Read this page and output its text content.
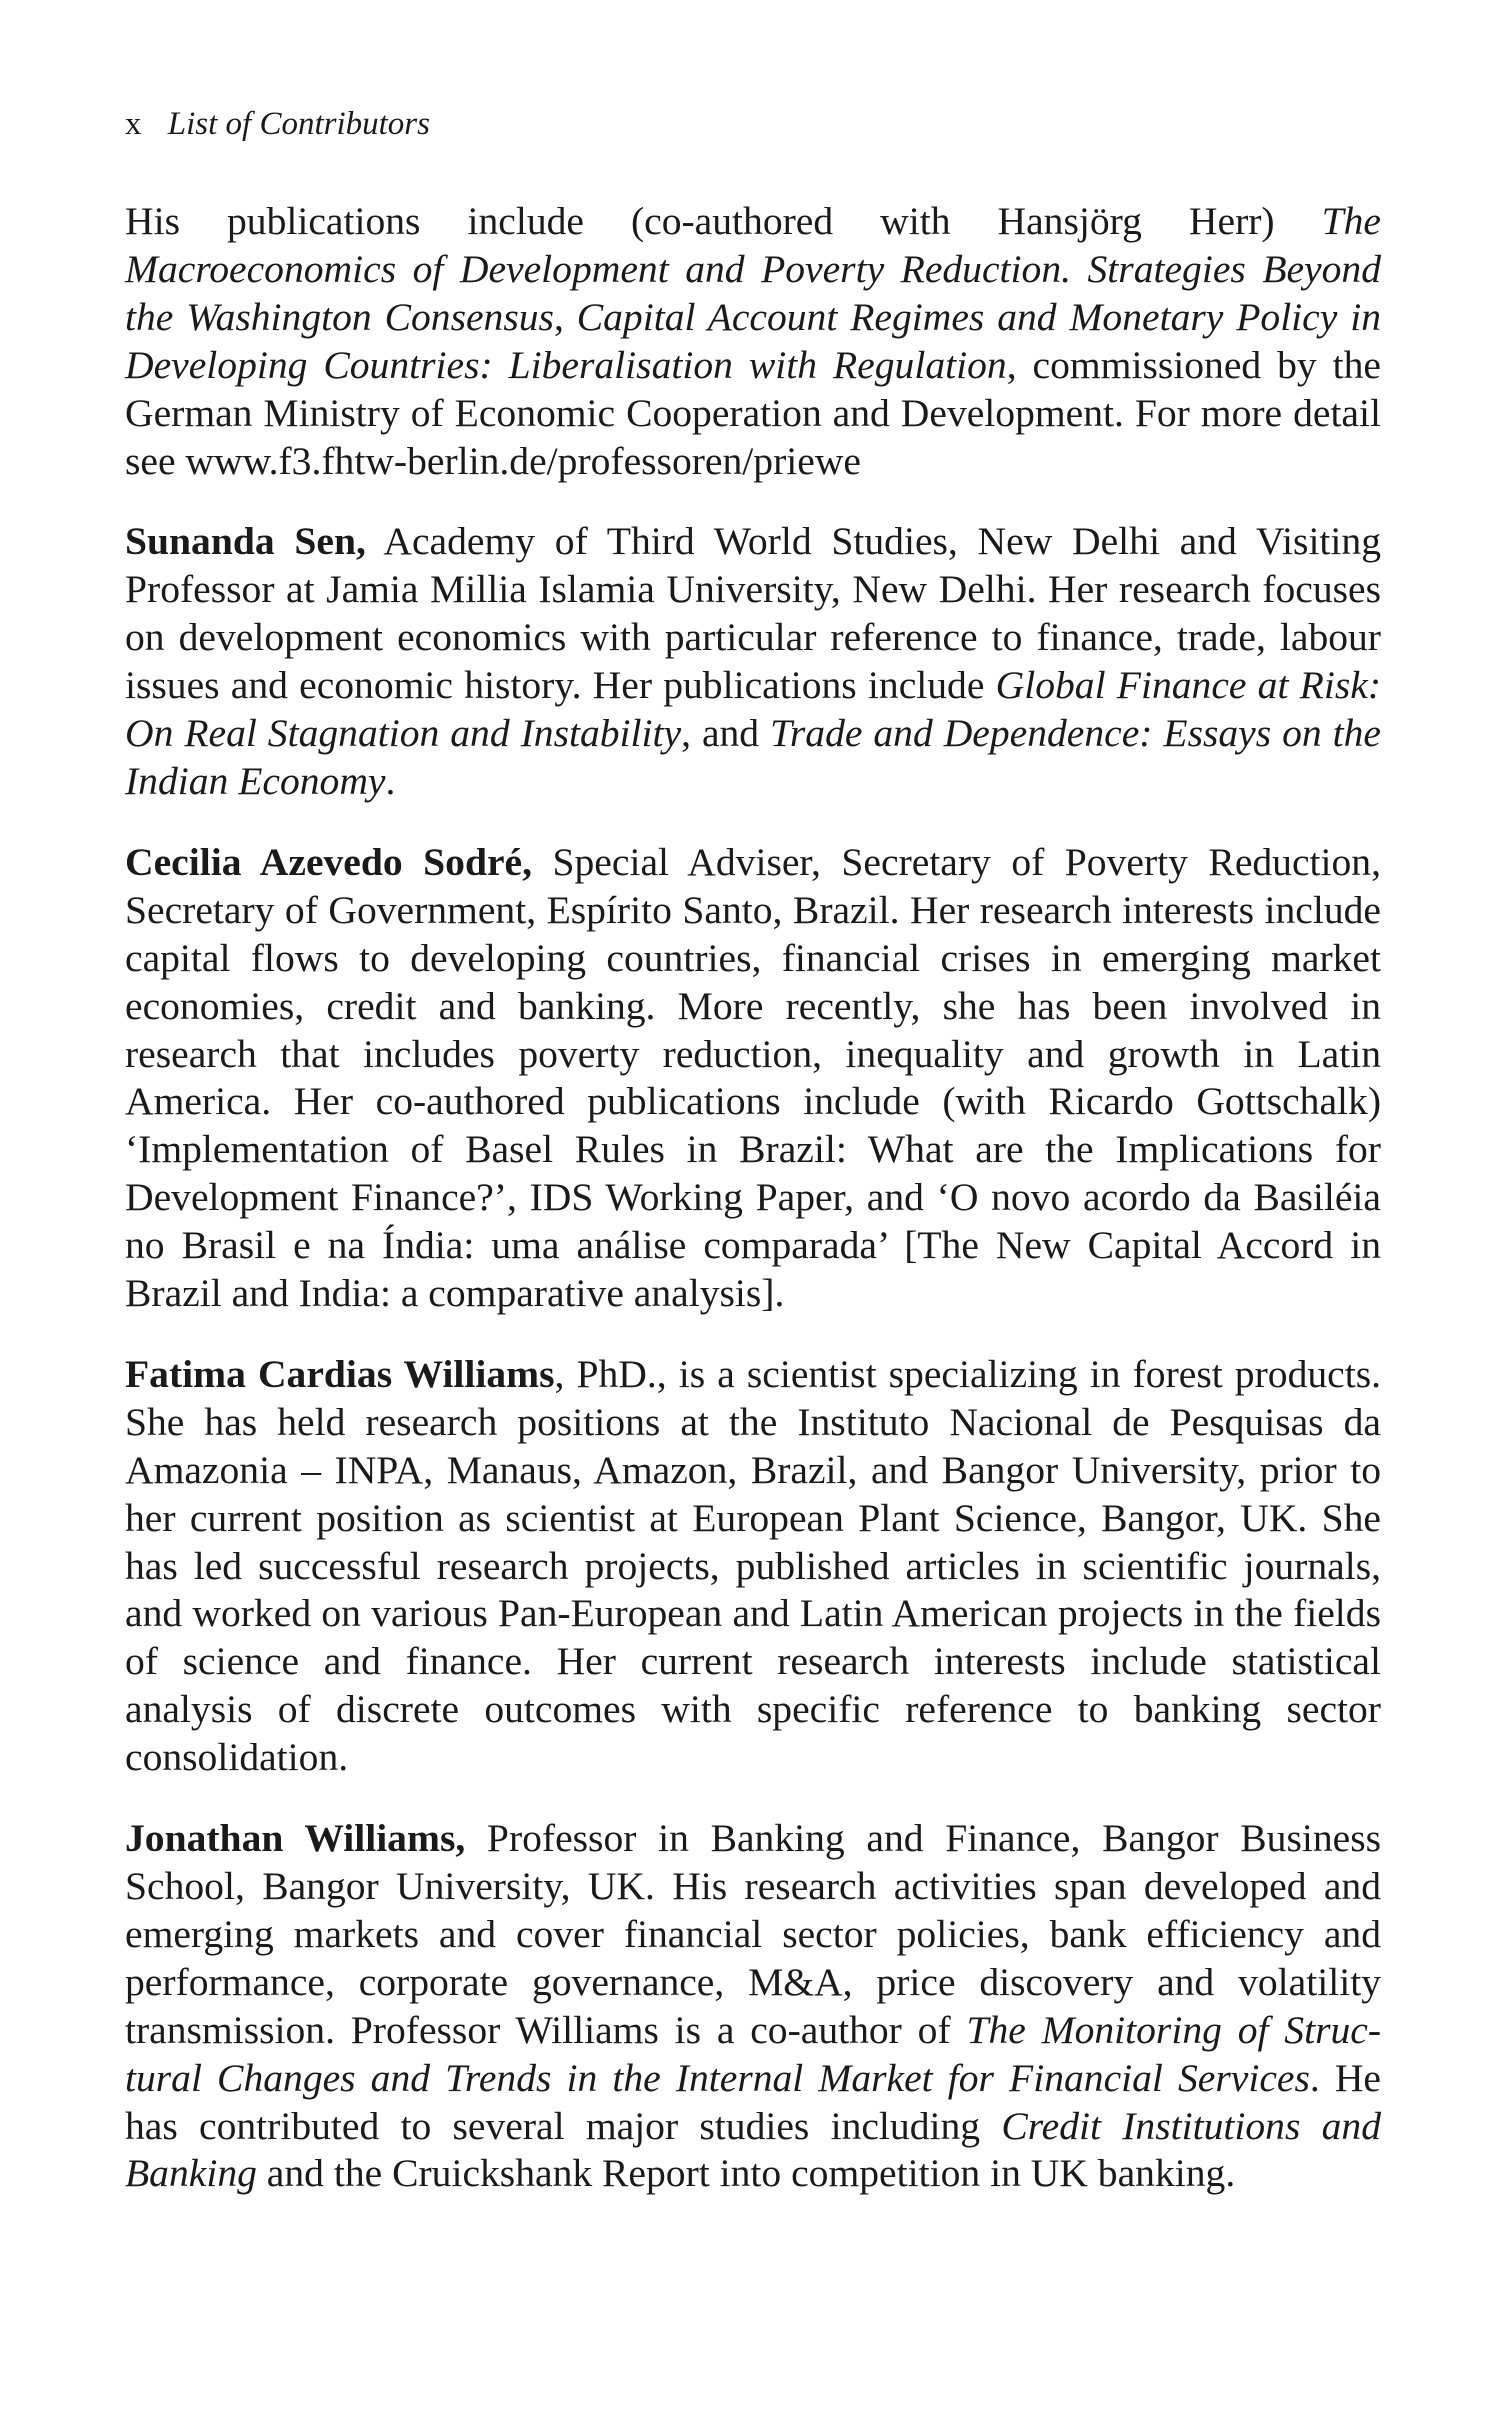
x List of Contributors

His publications include (co-authored with Hansjörg Herr) The Macroeconomics of Development and Poverty Reduction. Strategies Beyond the Washington Consensus, Capital Account Regimes and Monetary Policy in Developing Countries: Liberalisation with Regulation, commissioned by the German Ministry of Economic Cooperation and Development. For more detail see www.f3.fhtw-berlin.de/professoren/priewe

Sunanda Sen, Academy of Third World Studies, New Delhi and Visiting Professor at Jamia Millia Islamia University, New Delhi. Her research focuses on development economics with particular reference to finance, trade, labour issues and economic history. Her publications include Global Finance at Risk: On Real Stagnation and Instability, and Trade and Dependence: Essays on the Indian Economy.

Cecilia Azevedo Sodré, Special Adviser, Secretary of Poverty Reduction, Secretary of Government, Espírito Santo, Brazil. Her research interests include capital flows to developing countries, financial crises in emerging market economies, credit and banking. More recently, she has been involved in research that includes poverty reduction, inequality and growth in Latin America. Her co-authored publications include (with Ricardo Gottschalk) ‘Implementation of Basel Rules in Brazil: What are the Implications for Development Finance?’, IDS Working Paper, and ‘O novo acordo da Basiléia no Brasil e na Índia: uma análise comparada’ [The New Capital Accord in Brazil and India: a comparative analysis].

Fatima Cardias Williams, PhD., is a scientist specializing in forest products. She has held research positions at the Instituto Nacional de Pesquisas da Amazonia – INPA, Manaus, Amazon, Brazil, and Bangor University, prior to her current position as scientist at European Plant Science, Bangor, UK. She has led successful research projects, published articles in scientific journals, and worked on various Pan-European and Latin American projects in the fields of science and finance. Her current research interests include statistical analysis of discrete outcomes with specific reference to banking sector consolidation.

Jonathan Williams, Professor in Banking and Finance, Bangor Business School, Bangor University, UK. His research activities span developed and emerging markets and cover financial sector policies, bank efficiency and performance, corporate governance, M&A, price discovery and volatility transmission. Professor Williams is a co-author of The Monitoring of Structural Changes and Trends in the Internal Market for Financial Services. He has contributed to several major studies including Credit Institutions and Banking and the Cruickshank Report into competition in UK banking.
